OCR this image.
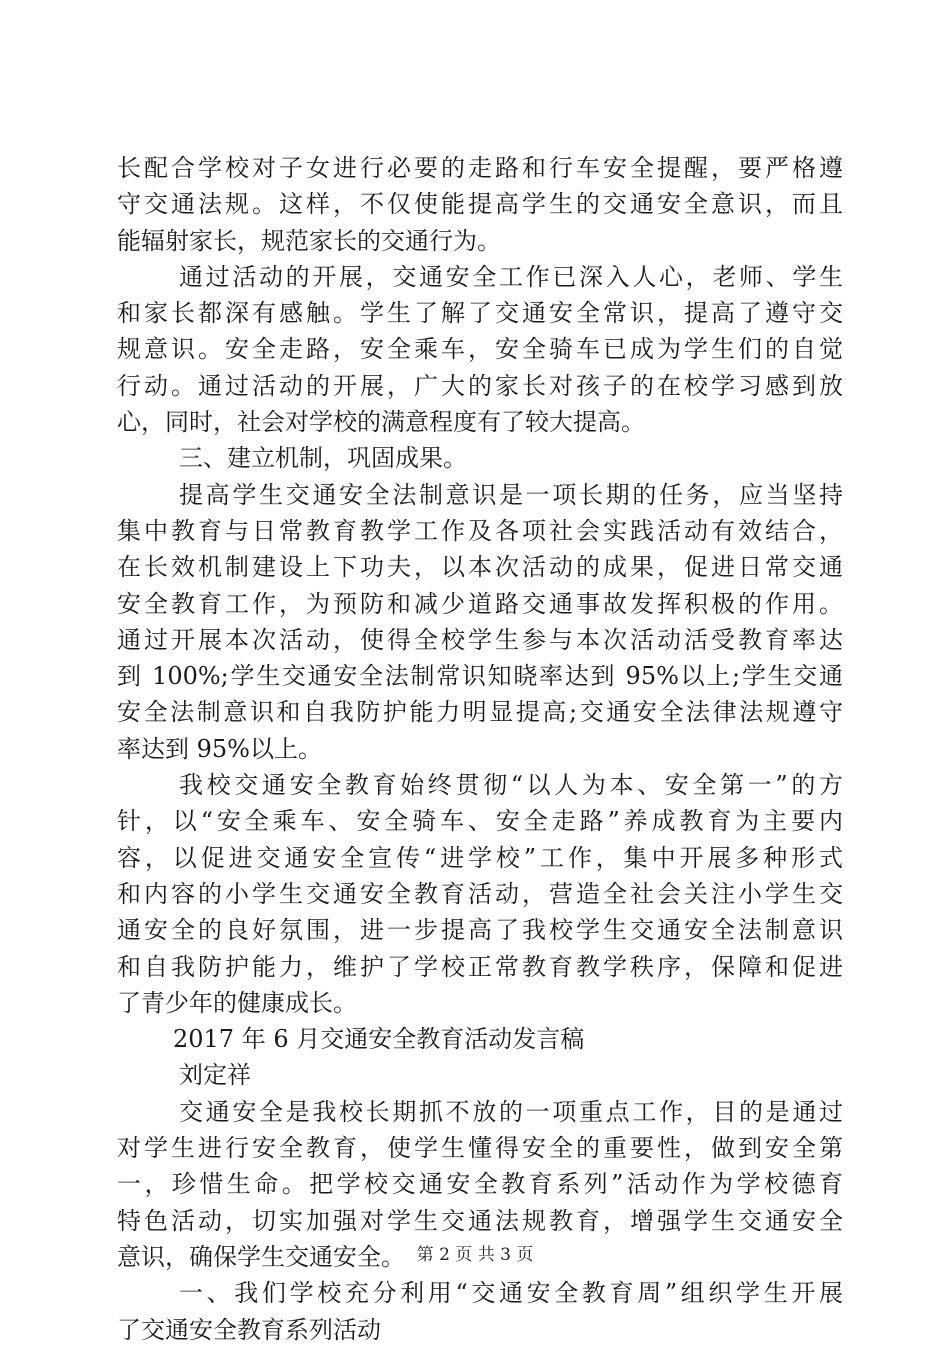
长配合学校对子女进行必要的走路和行车安全提醒，要严格遵
守交通法规。这样，不仅使能提高学生的交通安全意识，而且
能辐射家长，规范家长的交通行为。
通过活动的开展，交通安全工作已深入人心，老师、学生
和家长都深有感触。学生了解了交通安全常识，提高了遵守交
规意识。安全走路，安全乘车，安全骑车已成为学生们的自觉
行动。通过活动的开展，广大的家长对孩子的在校学习感到放
心，同时，社会对学校的满意程度有了较大提高。
三、建立机制，巩固成果。
提高学生交通安全法制意识是一项长期的任务，应当坚持
集中教育与日常教育教学工作及各项社会实践活动有效结合，
在长效机制建设上下功夫，以本次活动的成果，促进日常交通
安全教育工作，为预防和减少道路交通事故发挥积极的作用。
通过开展本次活动，使得全校学生参与本次活动活受教育率达
到 100%;学生交通安全法制常识知晓率达到 95%以上;学生交通
安全法制意识和自我防护能力明显提高;交通安全法律法规遵守
率达到 95%以上。
我校交通安全教育始终贯彻“以人为本、安全第一”的方
针，以“安全乘车、安全骑车、安全走路”养成教育为主要内
容，以促进交通安全宣传“进学校”工作，集中开展多种形式
和内容的小学生交通安全教育活动，营造全社会关注小学生交
通安全的良好氛围，进一步提高了我校学生交通安全法制意识
和自我防护能力，维护了学校正常教育教学秩序，保障和促进
了青少年的健康成长。
2017 年 6 月交通安全教育活动发言稿
刘定祥
交通安全是我校长期抓不放的一项重点工作，目的是通过
对学生进行安全教育，使学生懂得安全的重要性，做到安全第
一，珍惜生命。把学校交通安全教育系列”活动作为学校德育
特色活动，切实加强对学生交通法规教育，增强学生交通安全
意识，确保学生交通安全。
一、我们学校充分利用“交通安全教育周”组织学生开展
了交通安全教育系列活动
第 2 页 共 3 页
